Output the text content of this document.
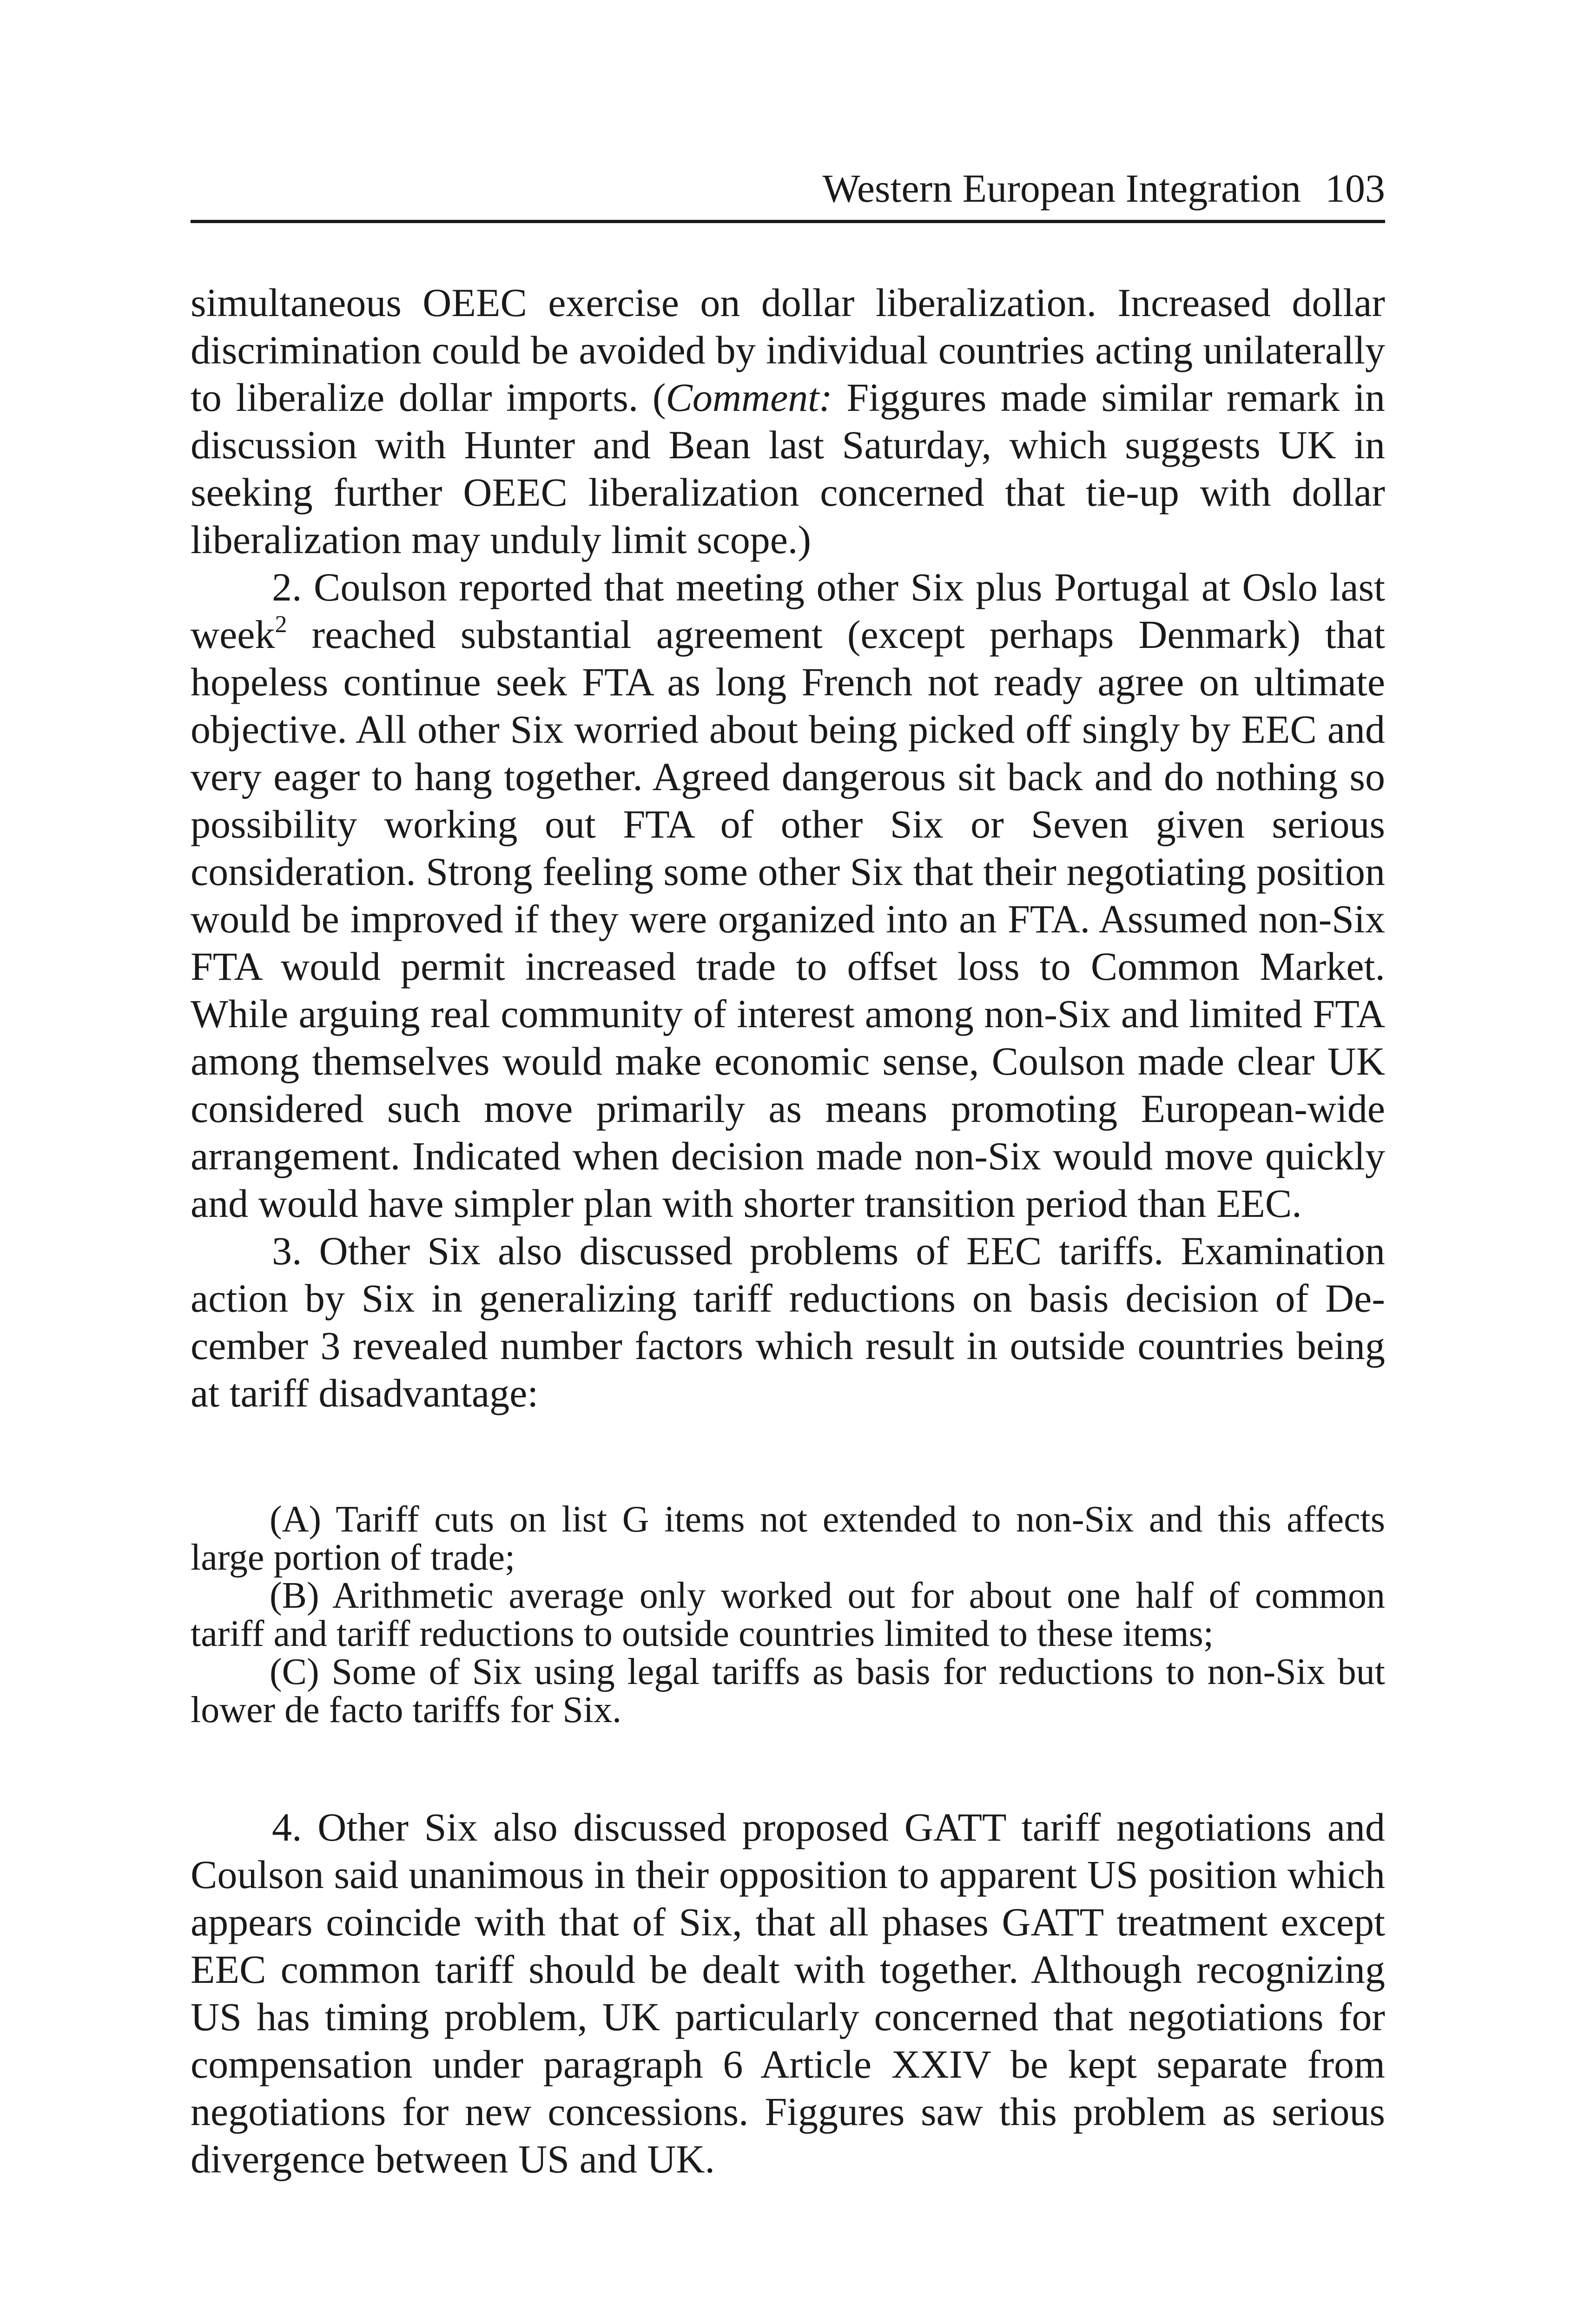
Western European Integration 103

simultaneous OEEC exercise on dollar liberalization. Increased dollar discrimination could be avoided by individual countries acting unilaterally to liberalize dollar imports. (Comment: Figgures made similar remark in discussion with Hunter and Bean last Saturday, which suggests UK in seeking further OEEC liberalization concerned that tie-up with dollar liberalization may unduly limit scope.)

2. Coulson reported that meeting other Six plus Portugal at Oslo last week$^2$ reached substantial agreement (except perhaps Denmark) that hopeless continue seek FTA as long French not ready agree on ultimate objective. All other Six worried about being picked off singly by EEC and very eager to hang together. Agreed dangerous sit back and do nothing so possibility working out FTA of other Six or Seven given serious consideration. Strong feeling some other Six that their negotiating position would be improved if they were organized into an FTA. Assumed non-Six FTA would permit increased trade to offset loss to Common Market. While arguing real community of interest among non-Six and limited FTA among themselves would make economic sense, Coulson made clear UK considered such move primarily as means promoting European-wide arrangement. Indicated when decision made non-Six would move quickly and would have simpler plan with shorter transition period than EEC.

3. Other Six also discussed problems of EEC tariffs. Examination action by Six in generalizing tariff reductions on basis decision of December 3 revealed number factors which result in outside countries being at tariff disadvantage:

(A) Tariff cuts on list G items not extended to non-Six and this affects large portion of trade;

(B) Arithmetic average only worked out for about one half of common tariff and tariff reductions to outside countries limited to these items;

(C) Some of Six using legal tariffs as basis for reductions to non-Six but lower de facto tariffs for Six.

4. Other Six also discussed proposed GATT tariff negotiations and Coulson said unanimous in their opposition to apparent US position which appears coincide with that of Six, that all phases GATT treatment except EEC common tariff should be dealt with together. Although recognizing US has timing problem, UK particularly concerned that negotiations for compensation under paragraph 6 Article XXIV be kept separate from negotiations for new concessions. Figgures saw this problem as serious divergence between US and UK.
